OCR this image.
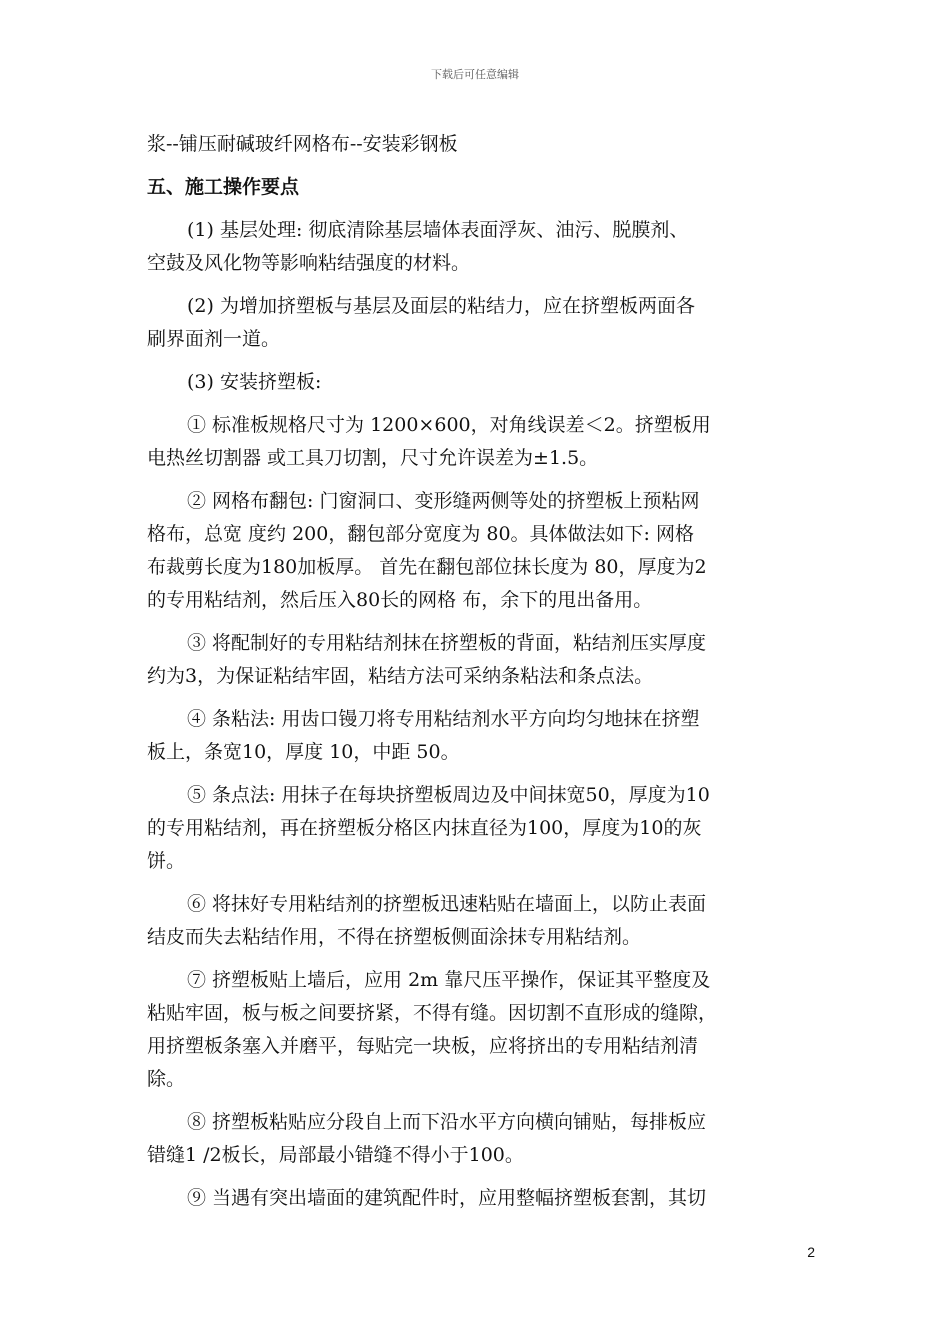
下载后可任意编辑
浆--铺压耐碱玻纤网格布--安装彩钢板
五、施工操作要点
(1) 基层处理: 彻底清除基层墙体表面浮灰、油污、脱膜剂、
空鼓及风化物等影响粘结强度的材料。
(2) 为增加挤塑板与基层及面层的粘结力，应在挤塑板两面各
刷界面剂一道。
(3) 安装挤塑板:
① 标准板规格尺寸为 1200×600，对角线误差＜2。挤塑板用
电热丝切割器 或工具刀切割，尺寸允许误差为±1.5。
② 网格布翻包: 门窗洞口、变形缝两侧等处的挤塑板上预粘网
格布，总宽 度约 200，翻包部分宽度为 80。具体做法如下: 网格
布裁剪长度为180加板厚。 首先在翻包部位抹长度为 80，厚度为2
的专用粘结剂，然后压入80长的网格 布，余下的甩出备用。
③ 将配制好的专用粘结剂抹在挤塑板的背面，粘结剂压实厚度
约为3，为保证粘结牢固，粘结方法可采纳条粘法和条点法。
④ 条粘法: 用齿口镘刀将专用粘结剂水平方向均匀地抹在挤塑
板上，条宽10，厚度 10，中距 50。
⑤ 条点法: 用抹子在每块挤塑板周边及中间抹宽50，厚度为10
的专用粘结剂，再在挤塑板分格区内抹直径为100，厚度为10的灰
饼。
⑥ 将抹好专用粘结剂的挤塑板迅速粘贴在墙面上，以防止表面
结皮而失去粘结作用，不得在挤塑板侧面涂抹专用粘结剂。
⑦ 挤塑板贴上墙后，应用 2m 靠尺压平操作，保证其平整度及
粘贴牢固，板与板之间要挤紧，不得有缝。因切割不直形成的缝隙，
用挤塑板条塞入并磨平，每贴完一块板，应将挤出的专用粘结剂清
除。
⑧ 挤塑板粘贴应分段自上而下沿水平方向横向铺贴，每排板应
错缝1 /2板长，局部最小错缝不得小于100。
⑨ 当遇有突出墙面的建筑配件时，应用整幅挤塑板套割，其切
2
